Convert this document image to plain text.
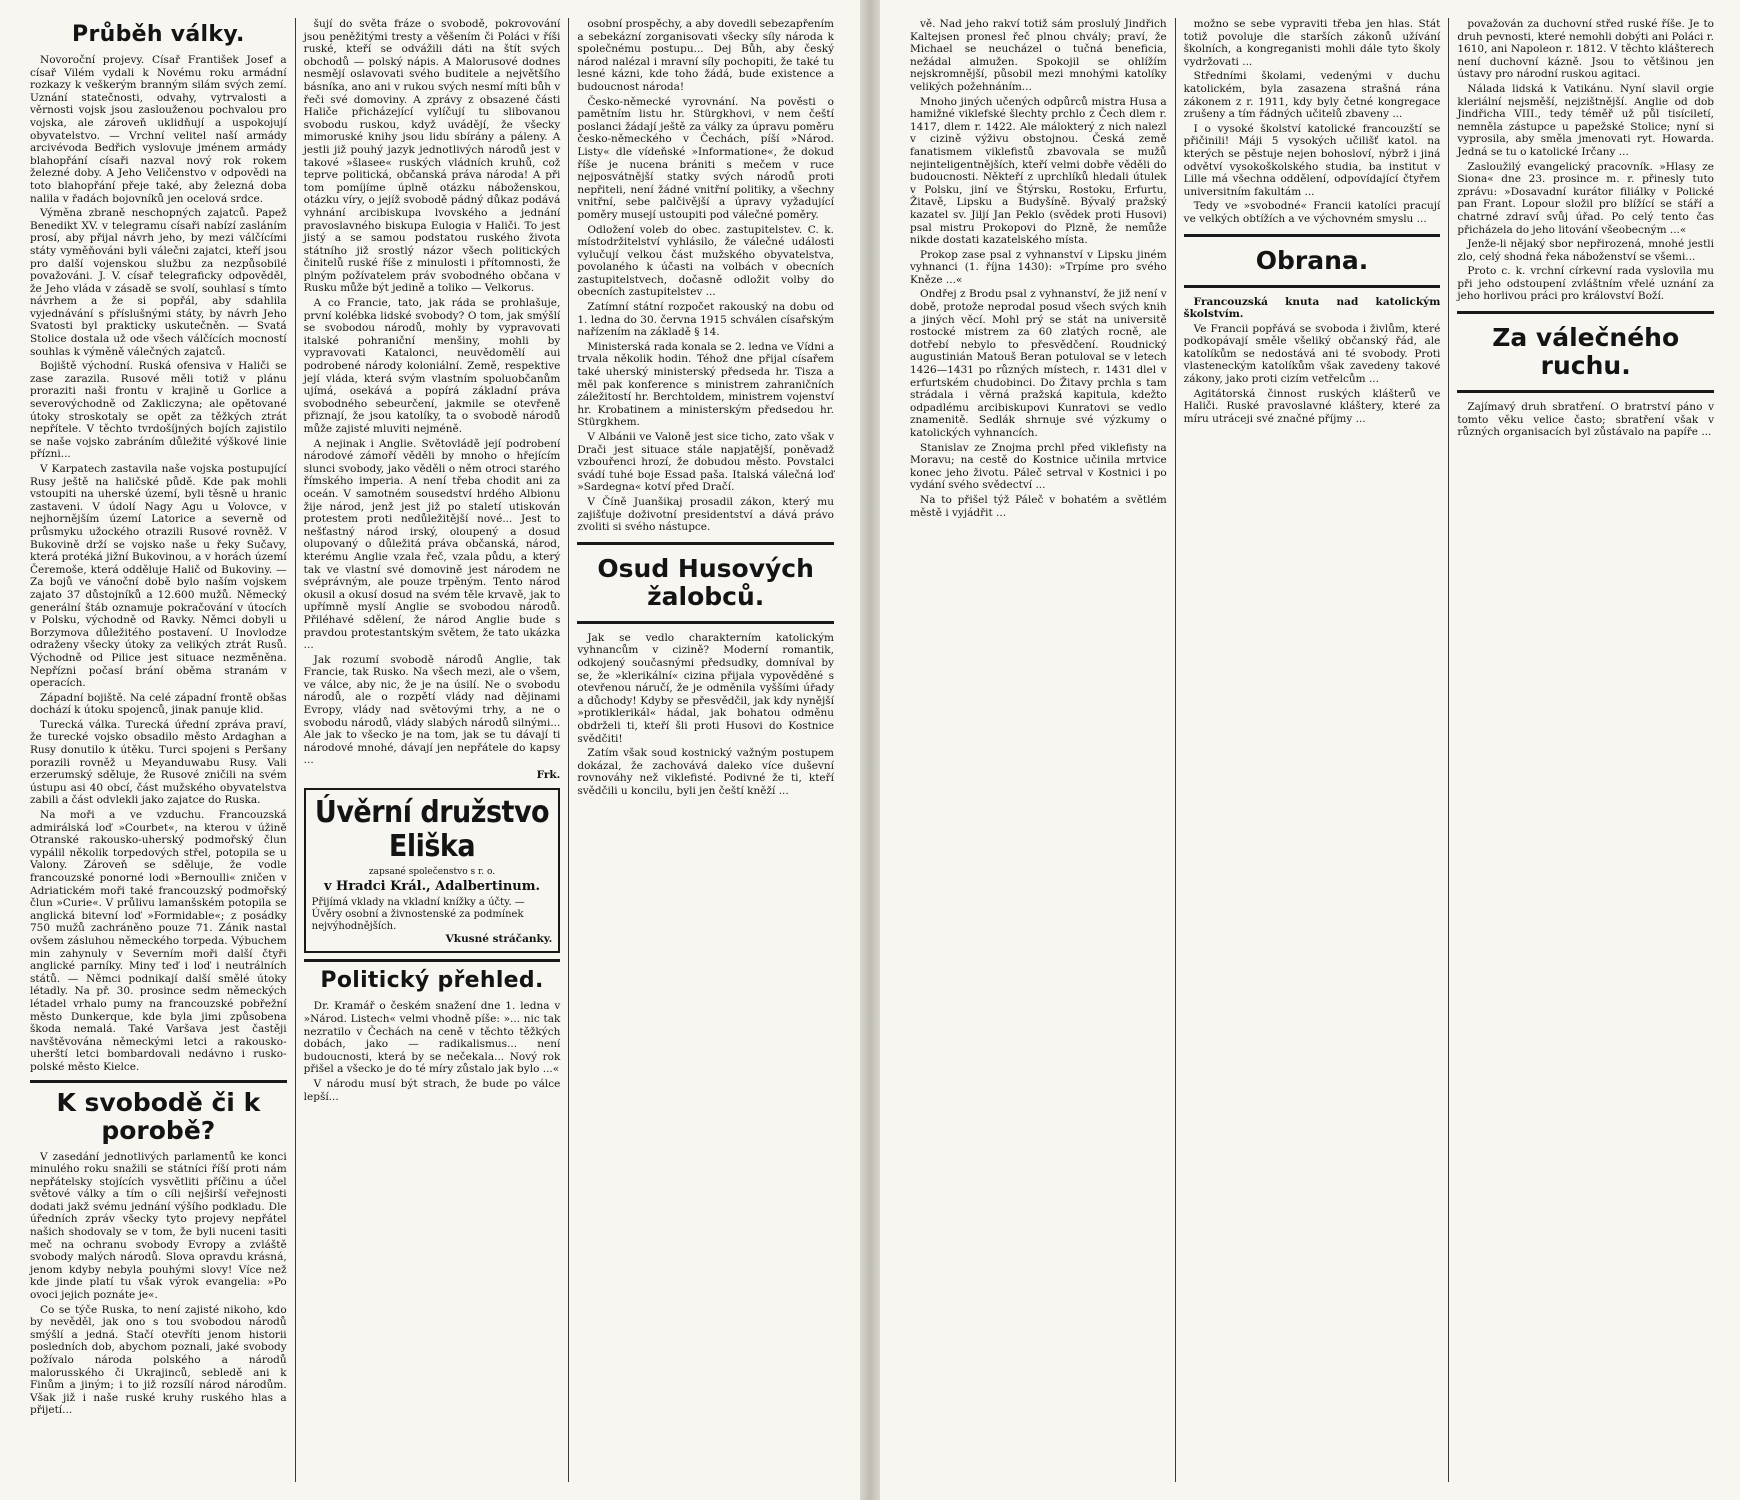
Průběh války.

Novoroční projevy. Císař František Josef a císař Vilém vydali k Novému roku armádní rozkazy k veškerým branným silám svých zemí. Uznání statečnosti, odvahy, vytrvalosti a věrnosti vojsk jsou zaslouženou pochvalou pro vojska, ale zároveň uklidňují a uspokojují obyvatelstvo. — Vrchní velitel naší armády arcivévoda Bedřich vyslovuje jménem armády blahopřání císaři nazval nový rok rokem železné doby. A Jeho Veličenstvo v odpovědi na toto blahopřání přeje také, aby železná doba nalila v řadách bojovníků jen ocelová srdce.

Výměna zbraně neschopných zajatců. Papež Benedikt XV. v telegramu císaři nabízí zasláním prosí, aby přijal návrh jeho, by mezi válčícími státy vyměňováni byli válečni zajatci, kteří jsou pro další vojenskou službu za nezpůsobilé považováni. J. V. císař telegraficky odpověděl, že Jeho vláda v zásadě se svolí, souhlasí s tímto návrhem a že si popřál, aby sdahlila vyjednávání s příslušnými státy, by návrh Jeho Svatosti byl prakticky uskutečněn. — Svatá Stolice dostala už ode všech válčících mocností souhlas k výměně válečných zajatců.

Bojiště východní. Ruská ofensiva v Haliči se zase zarazila. Rusové měli totiž v plánu proraziti naši frontu v krajině u Gorlice a severovýchodně od Zakliczyna; ale opětované útoky stroskotaly se opět za těžkých ztrát nepřítele. V těchto tvrdošíjných bojích zajistilo se naše vojsko zabráním důležité výškové linie přízni...

V Karpatech zastavila naše vojska postupující Rusy ještě na haličské půdě. Kde pak mohli vstoupiti na uherské území, byli těsně u hranic zastaveni. V údolí Nagy Agu u Volovce, v nejhornějším území Latorice a severně od průsmyku užockého otrazili Rusové rovněž. V Bukovině drží se vojsko naše u řeky Sučavy, která protéká jižní Bukovinou, a v horách území Čeremoše, která odděluje Halič od Bukoviny. — Za bojů ve vánoční době bylo naším vojskem zajato 37 důstojníků a 12.600 mužů. Německý generální štáb oznamuje pokračování v útocích v Polsku, východně od Ravky. Němci dobyli u Borzymova důležitého postavení. U Inovlodze odraženy všecky útoky za velikých ztrát Rusů. Východně od Pilice jest situace nezměněna. Nepřízni počasí brání oběma stranám v operacích.

Západní bojiště. Na celé západní frontě obšas dochází k útoku spojenců, jinak panuje klid.

Turecká válka. Turecká úřední zpráva praví, že turecké vojsko obsadilo město Ardaghan a Rusy donutilo k útěku. Turci spojeni s Peršany porazili rovněž u Meyanduwabu Rusy. Vali erzerumský sděluje, že Rusové zničili na svém ústupu asi 40 obcí, část mužského obyvatelstva zabili a část odvlekli jako zajatce do Ruska.

Na moři a ve vzduchu. Francouzská admirálská loď »Courbet«, na kterou v úžině Otranské rakousko-uherský podmořský člun vypálil několik torpedových střel, potopila se u Valony. Zároveň se sděluje, že vodle francouzské ponorné lodi »Bernoulli« zničen v Adriatickém moři také francouzský podmořský člun »Curie«. V průlivu lamanšském potopila se anglická bitevní loď »Formidable«; z posádky 750 mužů zachráněno pouze 71. Zánik nastal ovšem zásluhou německého torpeda. Výbuchem min zahynuly v Severním moři další čtyři anglické parníky. Miny teď i loď i neutrálních států. — Němci podnikají další smělé útoky létadly. Na př. 30. prosince sedm německých létadel vrhalo pumy na francouzské pobřežní město Dunkerque, kde byla jimi způsobena škoda nemalá. Také Varšava jest častěji navštěvována německými letci a rakousko-uherští letci bombardovali nedávno i rusko-polské město Kielce.

K svobodě či k porobě?

V zasedání jednotlivých parlamentů ke konci minulého roku snažili se státníci říší proti nám nepřátelsky stojících vysvětliti příčinu a účel světové války a tím o cíli nejširší veřejnosti dodati jakž svému jednání výšího podkladu. Dle úředních zpráv všecky tyto projevy nepřátel našich shodovaly se v tom, že byli nuceni tasiti meč na ochranu svobody Evropy a zvláště svobody malých národů. Slova opravdu krásná, jenom kdyby nebyla pouhými slovy! Více než kde jinde platí tu však výrok evangelia: »Po ovoci jejich poznáte je«.

Co se týče Ruska, to není zajisté nikoho, kdo by nevěděl, jak ono s tou svobodou národů smýšlí a jedná. Stačí otevříti jenom historii posledních dob, abychom poznali, jaké svobody požívalo národa polského a národů malorusského či Ukrajinců, sebledě ani k Finům a jiným; i to již rozsílí národ národům. Však již i naše ruské kruhy ruského hlas a přijetí...

šují do světa fráze o svobodě, pokrovování jsou peněžitými tresty a věšením či Poláci v říši ruské, kteří se odvážili dáti na štít svých obchodů — polský nápis. A Malorusové dodnes nesmějí oslavovati svého buditele a největšího básníka, ano ani v rukou svých nesmí míti bůh v řeči své domoviny. A zprávy z obsazené části Haliče přicházející vylíčují tu slibovanou svobodu ruskou, když uvádějí, že všecky mimoruské knihy jsou lidu sbírány a páleny. A jestli již pouhý jazyk jednotlivých národů jest v takové »šlasee« ruských vládních kruhů, což teprve politická, občanská práva národa! A při tom pomíjíme úplně otázku náboženskou, otázku víry, o jejíž svobodě pádný důkaz podává vyhnání arcibiskupa lvovského a jednání pravoslavného biskupa Eulogia v Haliči. To jest jistý a se samou podstatou ruského života státního již srostlý názor všech politických činitelů ruské říše z minulosti i přítomnosti, že plným požívatelem práv svobodného občana v Rusku může být jedině a toliko — Velkorus.

A co Francie, tato, jak ráda se prohlašuje, první kolébka lidské svobody? O tom, jak smýšlí se svobodou národů, mohly by vypravovati italské pohraniční menšiny, mohli by vypravovati Katalonci, neuvědomělí aui podrobené národy koloniální. Země, respektive její vláda, která svým vlastním spoluobčanům ujímá, osekává a popírá základní práva svobodného sebeurčení, jakmile se otevřeně přiznají, že jsou katolíky, ta o svobodě národů může zajisté mluviti nejméně.

A nejinak i Anglie. Světovládě její podrobení národové zámoří věděli by mnoho o hřejícím slunci svobody, jako věděli o něm otroci starého římského imperia. A není třeba chodit ani za oceán. V samotném sousedství hrdého Albionu žije národ, jenž jest již po staletí utiskován protestem proti nedůležitější nové... Jest to nešťastný národ irský, oloupený a dosud olupovaný o důležitá práva občanská, národ, kterému Anglie vzala řeč, vzala půdu, a který tak ve vlastní své domovině jest národem ne svéprávným, ale pouze trpěným. Tento národ okusil a okusí dosud na svém těle krvavě, jak to upřímně myslí Anglie se svobodou národů. Přiléhavé sdělení, že národ Anglie bude s pravdou protestantským světem, že tato ukázka ...

Jak rozumí svobodě národů Anglie, tak Francie, tak Rusko. Na všech mezi, ale o všem, ve válce, aby nic, že je na úsilí. Ne o svobodu národů, ale o rozpětí vlády nad dějinami Evropy, vlády nad světovými trhy, a ne o svobodu národů, vlády slabých národů silnými... Ale jak to všecko je na tom, jak se tu dávají ti národové mnohé, dávají jen nepřátele do kapsy ...

Frk.
Úvěrní družstvo Eliška
zapsané společenstvo s r. o.
v Hradci Král., Adalbertinum.
Přijímá vklady na vkladní knížky a účty. — Úvěry osobní a živnostenské za podmínek nejvýhodnějších.
Vkusné stráčanky.
Politický přehled.

Dr. Kramář o českém snažení dne 1. ledna v »Národ. Listech« velmi vhodně píše: »... nic tak nezratilo v Čechách na ceně v těchto těžkých dobách, jako — radikalismus... není budoucnosti, která by se nečekala... Nový rok přišel a všecko je do té míry zůstalo jak bylo ...«

V národu musí být strach, že bude po válce lepší...

osobní prospěchy, a aby dovedli sebezapřením a sebekázní zorganisovati všecky síly národa k společnému postupu... Dej Bůh, aby český národ nalézal i mravní síly pochopiti, že také tu lesné kázni, kde toho žádá, bude existence a budoucnost národa!

Česko-německé vyrovnání. Na pověsti o pamětním listu hr. Stürgkhovi, v nem čeští poslanci žádají ještě za války za úpravu poměru česko-německého v Čechách, píší »Národ. Listy« dle vídeňské »Informatione«, že dokud říše je nucena brániti s mečem v ruce nejposvátnější statky svých národů proti nepřiteli, není žádné vnitřní politiky, a všechny vnitřní, sebe palčivější a úpravy vyžadující poměry musejí ustoupiti pod válečné poměry.

Odložení voleb do obec. zastupitelstev. C. k. místodržitelství vyhlásilo, že válečné události vylučují velkou část mužského obyvatelstva, povolaného k účasti na volbách v obecních zastupitelstvech, dočasně odložit volby do obecních zastupitelstev ...

Zatímní státní rozpočet rakouský na dobu od 1. ledna do 30. června 1915 schválen císařským nařízením na základě § 14.

Ministerská rada konala se 2. ledna ve Vídni a trvala několik hodin. Téhož dne přijal císařem také uherský ministerský předseda hr. Tisza a měl pak konference s ministrem zahraničních záležitostí hr. Berchtoldem, ministrem vojenství hr. Krobatinem a ministerským předsedou hr. Stürgkhem.

V Albánii ve Valoně jest sice ticho, zato však v Drači jest situace stále napjatější, poněvadž vzbouřenci hrozí, že dobudou město. Povstalci svádí tuhé boje Essad paša. Italská válečná loď »Sardegna« kotví před Dračí.

V Číně Juanšikaj prosadil zákon, který mu zajišťuje doživotní presidentství a dává právo zvoliti si svého nástupce.

Osud Husových žalobců.

Jak se vedlo charakterním katolickým vyhnancům v cizině? Moderní romantik, odkojený současnými předsudky, domníval by se, že »klerikální« cizina přijala vypověděné s otevřenou náručí, že je odměnila vyššími úřady a důchody! Kdyby se přesvědčil, jak kdy nynější »protiklerikál« hádal, jak bohatou odměnu obdrželi ti, kteří šli proti Husovi do Kostnice svědčiti!

Zatím však soud kostnický važným postupem dokázal, že zachovává daleko více duševní rovnováhy než viklefisté. Podivné že ti, kteří svědčili u koncilu, byli jen čeští kněží ...

vě. Nad jeho rakví totiž sám proslulý Jindřich Kaltejsen pronesl řeč plnou chvály; praví, že Michael se neucházel o tučná beneficia, nežádal almužen. Spokojil se ohlížím nejskromnější, působil mezi mnohými katolíky velikých požehnáním...

Mnoho jiných učených odpůrců mistra Husa a hamižné viklefské šlechty prchlo z Čech dlem r. 1417, dlem r. 1422. Ale málokterý z nich nalezl v cizině výživu obstojnou. Česká země fanatismem viklefistů zbavovala se mužů nejinteligentnějších, kteří velmi dobře věděli do budoucnosti. Někteří z uprchlíků hledali útulek v Polsku, jiní ve Štýrsku, Rostoku, Erfurtu, Žitavě, Lipsku a Budyšíně. Bývalý pražský kazatel sv. Jiljí Jan Peklo (svědek proti Husovi) psal mistru Prokopovi do Plzně, že nemůže nikde dostati kazatelského místa.

Prokop zase psal z vyhnanství v Lipsku jiném vyhnanci (1. října 1430): »Trpíme pro svého Kněze ...«

Ondřej z Brodu psal z vyhnanství, že již není v době, protože neprodal posud všech svých knih a jiných věcí. Mohl prý se stát na universitě rostocké mistrem za 60 zlatých rocně, ale dotřebí nebylo to přesvědčení. Roudnický augustinián Matouš Beran potuloval se v letech 1426—1431 po různých místech, r. 1431 dlel v erfurtském chudobinci. Do Žitavy prchla s tam strádala i věrná pražská kapitula, kdežto odpadlému arcibiskupovi Kunratovi se vedlo znamenitě. Sedlák shrnuje své výzkumy o katolických vyhnancích.

Stanislav ze Znojma prchl před viklefisty na Moravu; na cestě do Kostnice učinila mrtvice konec jeho životu. Páleč setrval v Kostnici i po vydání svého svědectví ...

Na to přišel týž Páleč v bohatém a světlém městě i vyjádřit ...

možno se sebe vypraviti třeba jen hlas. Stát totiž povoluje dle starších zákonů užívání školních, a kongreganisti mohli dále tyto školy vydržovati ...

Středními školami, vedenými v duchu katolickém, byla zasazena strašná rána zákonem z r. 1911, kdy byly četné kongregace zrušeny a tím řádných učitelů zbaveny ...

I o vysoké školství katolické francouzští se přičinili! Máji 5 vysokých učilišť katol. na kterých se pěstuje nejen bohosloví, nýbrž i jiná odvětví vysokoškolského studia, ba institut v Lille má všechna oddělení, odpovídající čtyřem universitním fakultám ...

Tedy ve »svobodné« Francii katolíci pracují ve velkých obtížích a ve výchovném smyslu ...

Obrana.

Francouzská knuta nad katolickým školstvím.

Ve Francii popřává se svoboda i živlům, které podkopávají směle všeliký občanský řád, ale katolíkům se nedostává ani té svobody. Proti vlasteneckým katolíkům však zavedeny takové zákony, jako proti cizím vetřelcům ...

Agitátorská činnost ruských klášterů ve Haliči. Ruské pravoslavné kláštery, které za míru utráceji své značné příjmy ...

považován za duchovní střed ruské říše. Je to druh pevnosti, které nemohli dobýti ani Poláci r. 1610, ani Napoleon r. 1812. V těchto klášterech není duchovní kázně. Jsou to většinou jen ústavy pro národní ruskou agitaci.

Nálada lidská k Vatikánu. Nyní slavil orgie kleriální nejsměší, nejzištnější. Anglie od dob Jindřicha VIII., tedy téměř už půl tisíciletí, nemněla zástupce u papežské Stolice; nyní si vyprosila, aby směla jmenovati ryt. Howarda. Jedná se tu o katolické Irčany ...

Zasloužilý evangelický pracovník. »Hlasy ze Siona« dne 23. prosince m. r. přinesly tuto zprávu: »Dosavadní kurátor filiálky v Polické pan Frant. Lopour složil pro blížící se stáří a chatrné zdraví svůj úřad. Po celý tento čas přicházela do jeho litování všeobecným ...«

Jenže-li nějaký sbor nepřirozená, mnohé jestli zlo, celý shodná řeka náboženství se všemi...

Proto c. k. vrchní církevní rada vyslovila mu při jeho odstoupení zvláštním vřelé uznání za jeho horlivou práci pro království Boží.

Za válečného ruchu.

Zajímavý druh sbratření. O bratrství páno v tomto věku velice často; sbratření však v různých organisacích byl zůstávalo na papíře ...
